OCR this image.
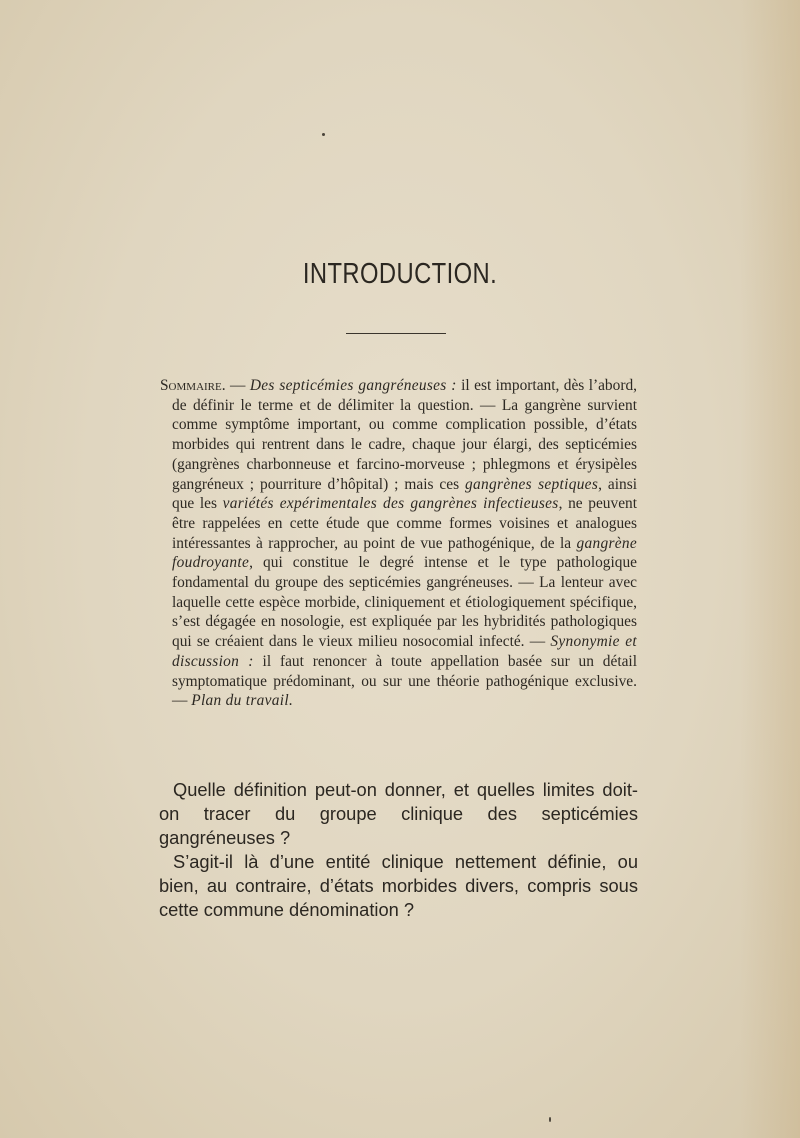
INTRODUCTION.
Sommaire. — Des septicémies gangréneuses : il est important, dès l’abord, de définir le terme et de délimiter la question. — La gangrène survient comme symptôme important, ou comme complication possible, d’états morbides qui rentrent dans le cadre, chaque jour élargi, des septicémies (gangrènes charbonneuse et farcino-morveuse ; phlegmons et érysipèles gangréneux ; pourriture d’hôpital) ; mais ces gangrènes septiques, ainsi que les variétés expérimentales des gangrènes infectieuses, ne peuvent être rappelées en cette étude que comme formes voisines et analogues intéressantes à rapprocher, au point de vue pathogénique, de la gangrène foudroyante, qui constitue le degré intense et le type pathologique fondamental du groupe des septicémies gangréneuses. — La lenteur avec laquelle cette espèce morbide, cliniquement et étiologiquement spécifique, s’est dégagée en nosologie, est expliquée par les hybridités pathologiques qui se créaient dans le vieux milieu nosocomial infecté. — Synonymie et discussion : il faut renoncer à toute appellation basée sur un détail symptomatique prédominant, ou sur une théorie pathogénique exclusive. — Plan du travail.

Quelle définition peut-on donner, et quelles limites doit-on tracer du groupe clinique des septicémies gangréneuses ?

S’agit-il là d’une entité clinique nettement définie, ou bien, au contraire, d’états morbides divers, compris sous cette commune dénomination ?
